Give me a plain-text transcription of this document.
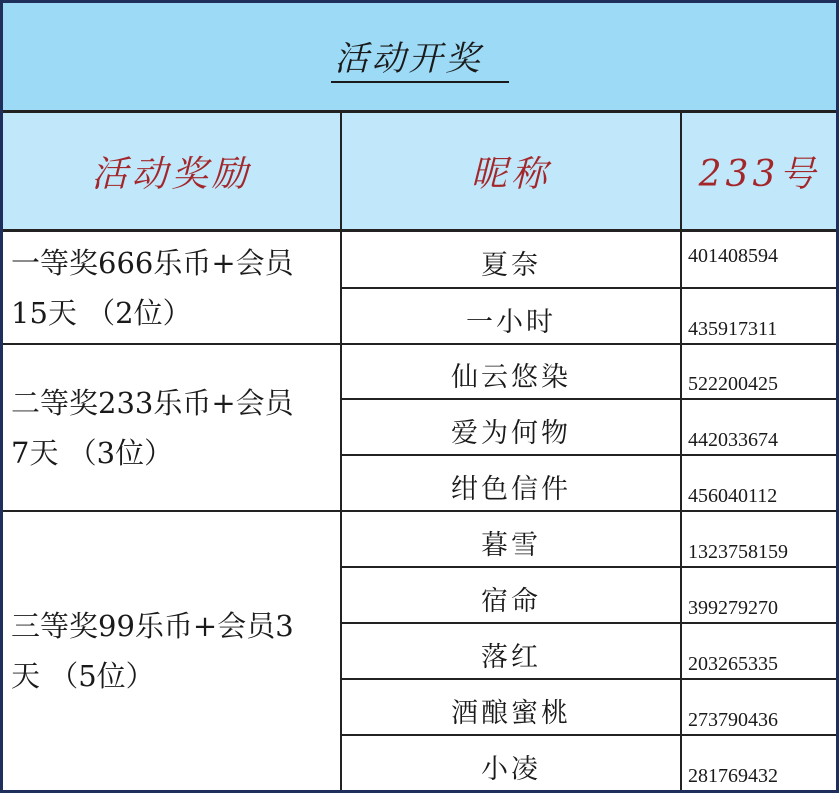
活动开奖
活动奖励	昵称	233号
一等奖666乐币+会员
15天 （2位）
夏奈	401408594
一小时	435917311
二等奖233乐币+会员
7天 （3位）
仙云悠染	522200425
爱为何物	442033674
绀色信件	456040112
三等奖99乐币+会员3
天 （5位）
暮雪	1323758159
宿命	399279270
落红	203265335
酒酿蜜桃	273790436
小凌	281769432
